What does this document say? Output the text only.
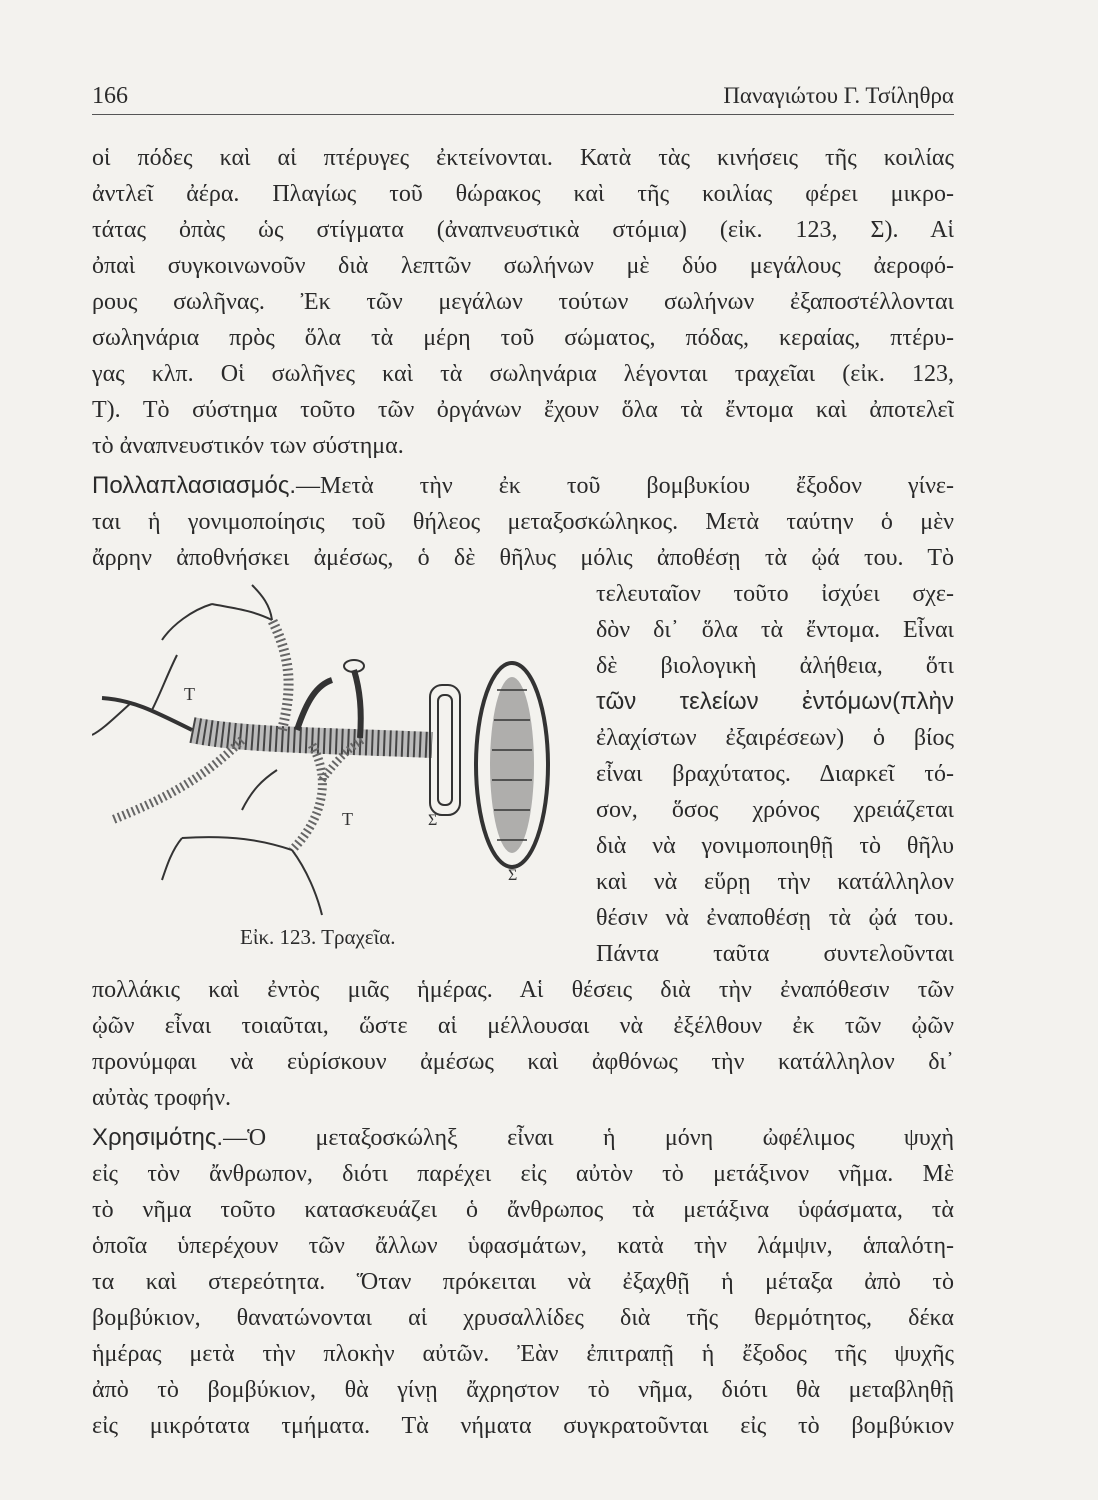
166	Παναγιώτου Γ. Τσίληθρα
οἱ πόδες καὶ αἱ πτέρυγες ἐκτείνονται. Κατὰ τὰς κινήσεις τῆς κοιλίας
ἀντλεῖ ἀέρα. Πλαγίως τοῦ θώρακος καὶ τῆς κοιλίας φέρει μικρο-
τάτας ὀπὰς ὡς στίγματα (ἀναπνευστικὰ στόμια) (εἰκ. 123, Σ). Αἱ
ὀπαὶ συγκοινωνοῦν διὰ λεπτῶν σωλήνων μὲ δύο μεγάλους ἀεροφό-
ρους σωλῆνας. Ἐκ τῶν μεγάλων τούτων σωλήνων ἐξαποστέλλονται
σωληνάρια πρὸς ὅλα τὰ μέρη τοῦ σώματος, πόδας, κεραίας, πτέρυ-
γας κλπ. Οἱ σωλῆνες καὶ τὰ σωληνάρια λέγονται τραχεῖαι (εἰκ. 123,
Τ). Τὸ σύστημα τοῦτο τῶν ὀργάνων ἔχουν ὅλα τὰ ἔντομα καὶ ἀποτελεῖ
τὸ ἀναπνευστικόν των σύστημα.
Πολλαπλασιασμός.—Μετὰ τὴν ἐκ τοῦ βομβυκίου ἔξοδον γίνε-
ται ἡ γονιμοποίησις τοῦ θήλεος μεταξοσκώληκος. Μετὰ ταύτην ὁ μὲν
ἄρρην ἀποθνήσκει ἀμέσως, ὁ δὲ θῆλυς μόλις ἀποθέσῃ τὰ ᾠά του. Τὸ
τελευταῖον τοῦτο ἰσχύει σχε-
δὸν δι᾽ ὅλα τὰ ἔντομα. Εἶναι
δὲ βιολογικὴ ἀλήθεια, ὅτι
τῶν τελείων ἐντόμων(πλὴν
ἐλαχίστων ἐξαιρέσεων) ὁ βίος
εἶναι βραχύτατος. Διαρκεῖ τό-
σον, ὅσος χρόνος χρειάζεται
διὰ νὰ γονιμοποιηθῇ τὸ θῆλυ
καὶ νὰ εὕρῃ τὴν κατάλληλον
θέσιν νὰ ἐναποθέσῃ τὰ ᾠά του.
Πάντα ταῦτα συντελοῦνται
Τ
Τ	Σ
Σ
Εἰκ. 123. Τραχεῖα.
πολλάκις καὶ ἐντὸς μιᾶς ἡμέρας. Αἱ θέσεις διὰ τὴν ἐναπόθεσιν τῶν
ᾠῶν εἶναι τοιαῦται, ὥστε αἱ μέλλουσαι νὰ ἐξέλθουν ἐκ τῶν ᾠῶν
προνύμφαι νὰ εὑρίσκουν ἀμέσως καὶ ἀφθόνως τὴν κατάλληλον δι᾽
αὐτὰς τροφήν.
Χρησιμότης.—Ὁ μεταξοσκώληξ εἶναι ἡ μόνη ὠφέλιμος ψυχὴ
εἰς τὸν ἄνθρωπον, διότι παρέχει εἰς αὐτὸν τὸ μετάξινον νῆμα. Μὲ
τὸ νῆμα τοῦτο κατασκευάζει ὁ ἄνθρωπος τὰ μετάξινα ὑφάσματα, τὰ
ὁποῖα ὑπερέχουν τῶν ἄλλων ὑφασμάτων, κατὰ τὴν λάμψιν, ἁπαλότη-
τα καὶ στερεότητα. Ὅταν πρόκειται νὰ ἐξαχθῇ ἡ μέταξα ἀπὸ τὸ
βομβύκιον, θανατώνονται αἱ χρυσαλλίδες διὰ τῆς θερμότητος, δέκα
ἡμέρας μετὰ τὴν πλοκὴν αὐτῶν. Ἐὰν ἐπιτραπῇ ἡ ἔξοδος τῆς ψυχῆς
ἀπὸ τὸ βομβύκιον, θὰ γίνῃ ἄχρηστον τὸ νῆμα, διότι θὰ μεταβληθῇ
εἰς μικρότατα τμήματα. Τὰ νήματα συγκρατοῦνται εἰς τὸ βομβύκιον
